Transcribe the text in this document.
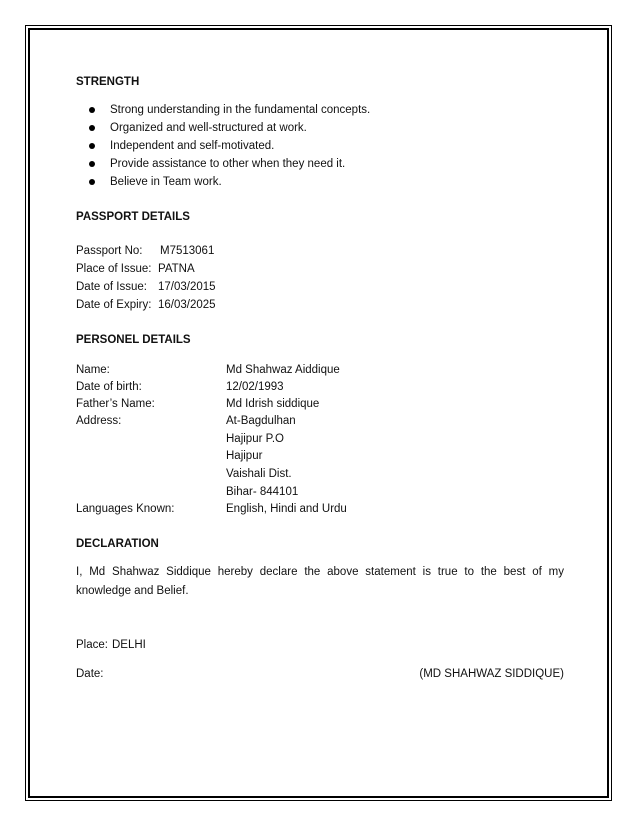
STRENGTH
Strong understanding in the fundamental concepts.
Organized and well-structured at work.
Independent and self-motivated.
Provide assistance to other when they need it.
Believe in Team work.
PASSPORT DETAILS
Passport No: M7513061
Place of Issue: PATNA
Date of Issue: 17/03/2015
Date of Expiry: 16/03/2025
PERSONEL DETAILS
Name:	Md Shahwaz Aiddique
Date of birth:	12/02/1993
Father’s Name:	Md Idrish siddique
Address:	At-Bagdulhan
Hajipur P.O
Hajipur
Vaishali Dist.
Bihar- 844101
Languages Known:	English, Hindi and Urdu
DECLARATION
I, Md Shahwaz Siddique hereby declare the above statement is true to the best of my knowledge and Belief.
Place: DELHI
Date:	(MD SHAHWAZ SIDDIQUE)
